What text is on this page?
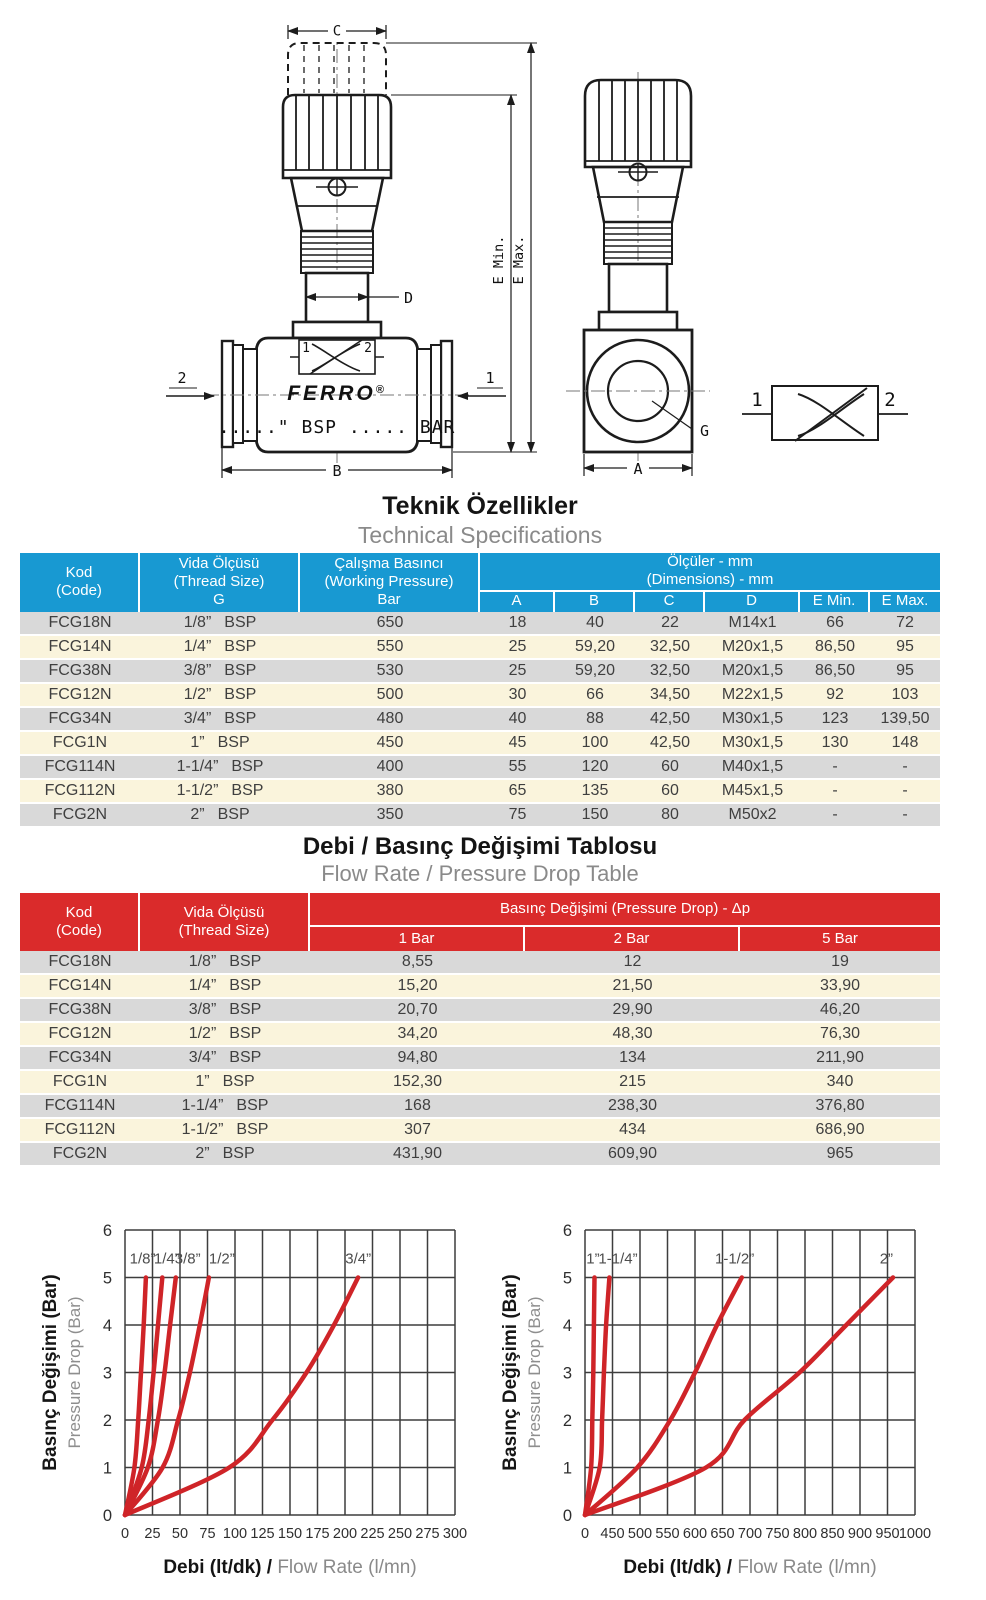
C
D
1	2
FERRO®
....." BSP ..... BAR
B
2	1
E Min. E Max.
G
A
1	2
Teknik Özellikler
Technical Specifications
Kod
(Code)	Vida Ölçüsü
(Thread Size)
G	Çalışma Basıncı
(Working Pressure)
Bar	Ölçüler - mm
(Dimensions) - mm					

			A	B	C	D	E Min.	E Max.
FCG18N	1/8” BSP	650	18	40	22	M14x1	66	72
FCG14N	1/4” BSP	550	25	59,20	32,50	M20x1,5	86,50	95
FCG38N	3/8” BSP	530	25	59,20	32,50	M20x1,5	86,50	95
FCG12N	1/2” BSP	500	30	66	34,50	M22x1,5	92	103
FCG34N	3/4” BSP	480	40	88	42,50	M30x1,5	123	139,50
FCG1N	1” BSP	450	45	100	42,50	M30x1,5	130	148
FCG114N	1-1/4” BSP	400	55	120	60	M40x1,5	-	-
FCG112N	1-1/2” BSP	380	65	135	60	M45x1,5	-	-
FCG2N	2” BSP	350	75	150	80	M50x2	-	-
Debi / Basınç Değişimi Tablosu
Flow Rate / Pressure Drop Table
Kod
(Code)	Vida Ölçüsü
(Thread Size)	Basınç Değişimi (Pressure Drop) - Δp		
		1 Bar	2 Bar	5 Bar
FCG18N	1/8” BSP	8,55	12	19
FCG14N	1/4” BSP	15,20	21,50	33,90
FCG38N	3/8” BSP	20,70	29,90	46,20
FCG12N	1/2” BSP	34,20	48,30	76,30
FCG34N	3/4” BSP	94,80	134	211,90
FCG1N	1” BSP	152,30	215	340
FCG114N	1-1/4” BSP	168	238,30	376,80
FCG112N	1-1/2” BSP	307	434	686,90
FCG2N	2” BSP	431,90	609,90	965
1/8”
1/4”
3/8” 1/2”	3/4”
0
1
2
3
4
5
6
0 25 50 75 100 125 150 175 200 225 250 275 300
Basınç Değişimi (Bar) Pressure Drop (Bar)
Debi (lt/dk) / Flow Rate (l/mn)
1”
1-1/4”	1-1/2”	2”
0
1
2
3
4
5
6
0 450 500 550 600 650 700 750 800 850 900 950 1000
Basınç Değişimi (Bar) Pressure Drop (Bar)
Debi (lt/dk) / Flow Rate (l/mn)
